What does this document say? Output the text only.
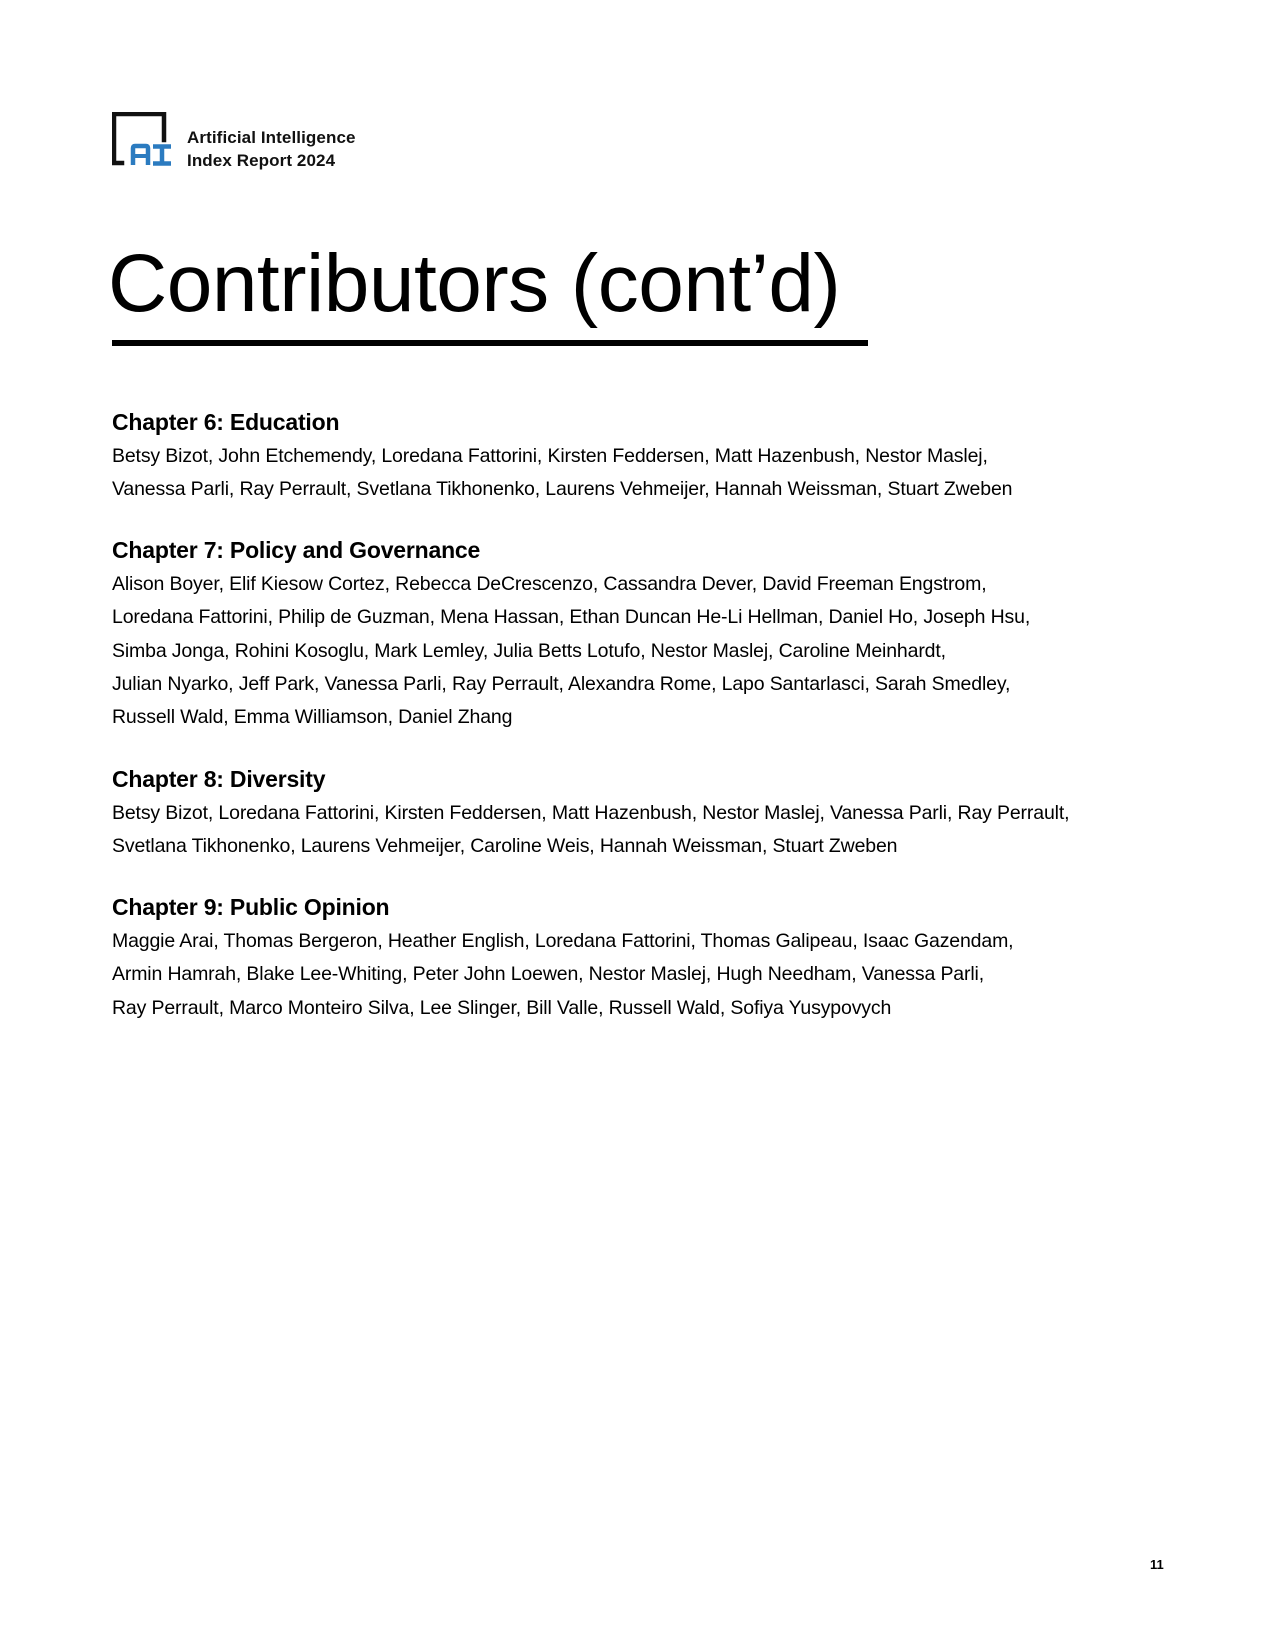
Artificial Intelligence
Index Report 2024
Contributors (cont’d)
Chapter 6: Education
Betsy Bizot, John Etchemendy, Loredana Fattorini, Kirsten Feddersen, Matt Hazenbush, Nestor Maslej,
Vanessa Parli, Ray Perrault, Svetlana Tikhonenko, Laurens Vehmeijer, Hannah Weissman, Stuart Zweben
Chapter 7: Policy and Governance
Alison Boyer, Elif Kiesow Cortez, Rebecca DeCrescenzo, Cassandra Dever, David Freeman Engstrom,
Loredana Fattorini, Philip de Guzman, Mena Hassan, Ethan Duncan He-Li Hellman, Daniel Ho, Joseph Hsu,
Simba Jonga, Rohini Kosoglu, Mark Lemley, Julia Betts Lotufo, Nestor Maslej, Caroline Meinhardt,
Julian Nyarko, Jeff Park, Vanessa Parli, Ray Perrault, Alexandra Rome, Lapo Santarlasci, Sarah Smedley,
Russell Wald, Emma Williamson, Daniel Zhang
Chapter 8: Diversity
Betsy Bizot, Loredana Fattorini, Kirsten Feddersen, Matt Hazenbush, Nestor Maslej, Vanessa Parli, Ray Perrault,
Svetlana Tikhonenko, Laurens Vehmeijer, Caroline Weis, Hannah Weissman, Stuart Zweben
Chapter 9: Public Opinion
Maggie Arai, Thomas Bergeron, Heather English, Loredana Fattorini, Thomas Galipeau, Isaac Gazendam,
Armin Hamrah, Blake Lee-Whiting, Peter John Loewen, Nestor Maslej, Hugh Needham, Vanessa Parli,
Ray Perrault, Marco Monteiro Silva, Lee Slinger, Bill Valle, Russell Wald, Sofiya Yusypovych
11
